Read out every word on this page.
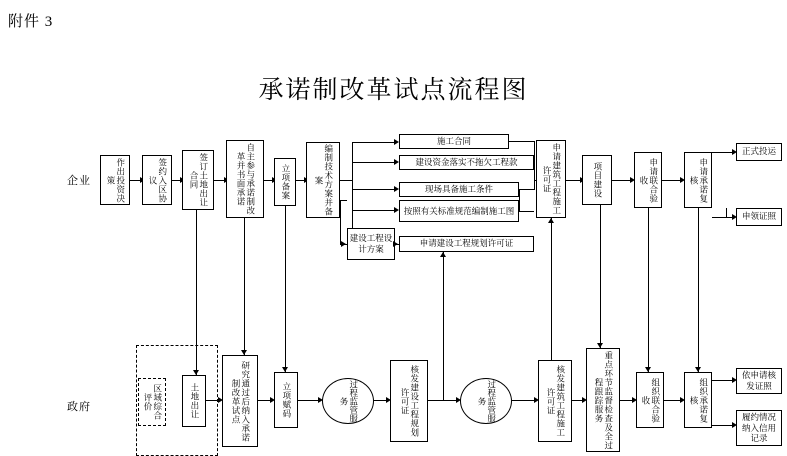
附件 3
承诺制改革试点流程图
企业
政府
作出投资决策	签约入区协议	签订土地出让合同	自主参与承诺制改革并书面承诺	立项备案	编制技术方案并备案
施工合同
建设资金落实不拖欠工程款
现场具备施工条件
按照有关标准规范编制施工图
建设工程设计方案
申请建设工程规划许可证
申请建筑工程施工许可证	项目建设	申请联合验收	申请承诺复核
正式投运
申领证照
区域综合评价	土地出让	研究通过后纳入承诺制改革试点	立项赋码	过程监管服务	核发建设工程规划许可证	过程监管服务	核发建筑工程施工许可证	重点环节监督检查及全过程跟踪服务	组织联合验收	组织承诺复核
依申请核发证照
履约情况纳入信用记录
